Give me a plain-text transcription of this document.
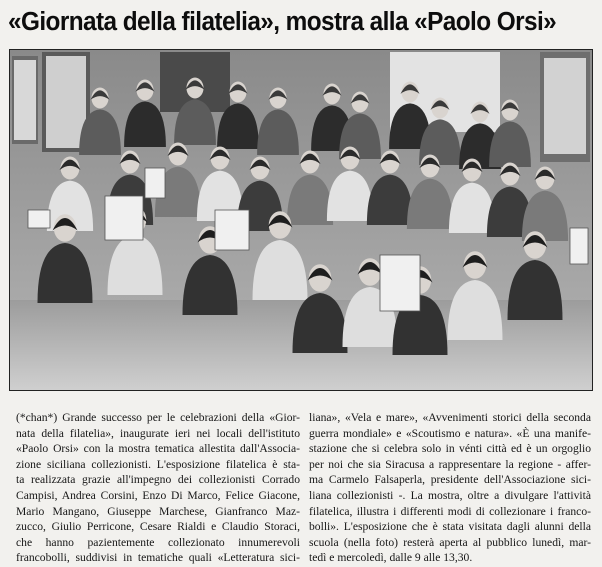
«Giornata della filatelia», mostra alla «Paolo Orsi»
(*chan*) Grande successo per le celebrazioni della «Gior-
nata della filatelia», inaugurate ieri nei locali dell'istituto
«Paolo Orsi» con la mostra tematica allestita dall'Associa-
zione siciliana collezionisti. L'esposizione filatelica è sta-
ta realizzata grazie all'impegno dei collezionisti Corrado
Campisi, Andrea Corsini, Enzo Di Marco, Felice Giacone,
Mario Mangano, Giuseppe Marchese, Gianfranco Maz-
zucco, Giulio Perricone, Cesare Rialdi e Claudio Storaci,
che hanno pazientemente collezionato innumerevoli
francobolli, suddivisi in tematiche quali «Letteratura sici-
liana», «Vela e mare», «Avvenimenti storici della seconda
guerra mondiale» e «Scoutismo e natura». «È una manife-
stazione che si celebra solo in vénti città ed è un orgoglio
per noi che sia Siracusa a rappresentare la regione - affer-
ma Carmelo Falsaperla, presidente dell'Associazione sici-
liana collezionisti -. La mostra, oltre a divulgare l'attività
filatelica, illustra i differenti modi di collezionare i franco-
bolli». L'esposizione che è stata visitata dagli alunni della
scuola (nella foto) resterà aperta al pubblico lunedì, mar-
tedì e mercoledì, dalle 9 alle 13,30.
